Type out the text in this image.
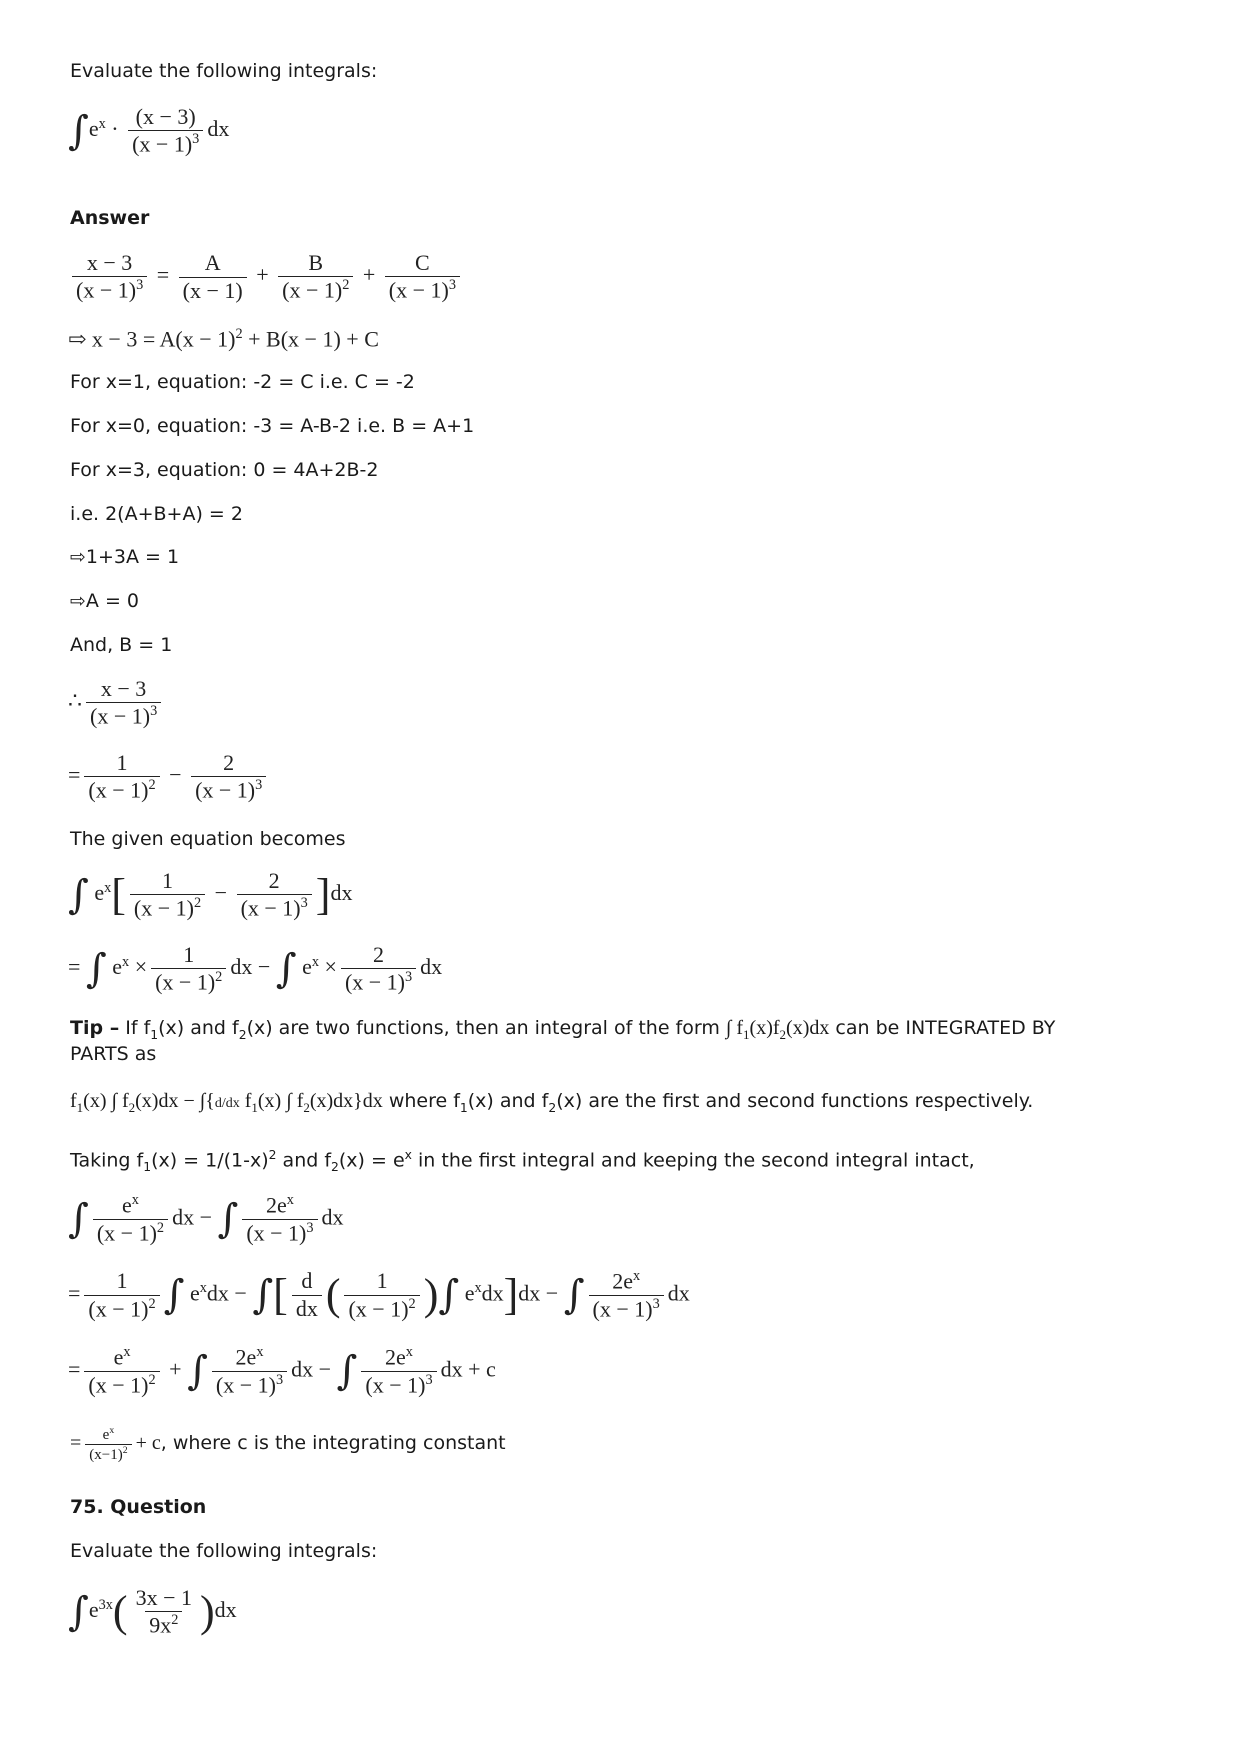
Evaluate the following integrals:
$\int e^x \cdot \frac{(x - 3)}{(x - 1)^3}$ dx
Answer
$\frac{x - 3}{(x - 1)^3} = \frac{A}{(x - 1)} + \frac{B}{(x - 1)^2} + \frac{C}{(x - 1)^3}$
⇨ $x - 3 = A(x - 1)^2 + B(x - 1) + C$
For x=1, equation: -2 = C i.e. C = -2
For x=0, equation: -3 = A-B-2 i.e. B = A+1
For x=3, equation: 0 = 4A+2B-2
i.e. 2(A+B+A) = 2
⇨1+3A = 1
⇨A = 0
And, B = 1
∴ $\frac{x - 3}{(x - 1)^3}$
= $\frac{1}{(x - 1)^2} - \frac{2}{(x - 1)^3}$
The given equation becomes
∫ $e^x[ \frac{1}{(x - 1)^2} - \frac{2}{(x - 1)^3} ]dx$
= ∫ $e^x \times \frac{1}{(x - 1)^2}$ dx − ∫ $e^x \times \frac{2}{(x - 1)^3}$ dx
Tip – If $f_1(x)$ and $f_2(x)$ are two functions, then an integral of the form ∫ $f_1(x)f_2(x)dx$ can be INTEGRATED BY
PARTS as
$f_1(x)$ ∫ $f_2(x)dx - \int\{d/dx$ $f_1(x)$ ∫ $f_2(x)dx\}dx$ where $f_1(x)$ and $f_2(x)$ are the first and second functions respectively.
Taking $f_1(x) = 1/(1-x)^2$ and $f_2(x) = e^x$ in the first integral and keeping the second integral intact,
∫ $\frac{e^x}{(x - 1)^2}$ dx − ∫ $\frac{2e^x}{(x - 1)^3}$ dx
= $\frac{1}{(x - 1)^2}$ ∫ $e^xdx$ − ∫[ $\frac{d}{dx}$ ( $\frac{1}{(x - 1)^2}$ )∫ $e^xdx]dx$ − ∫ $\frac{2e^x}{(x - 1)^3}$ dx
= $\frac{e^x}{(x - 1)^2}$ + ∫ $\frac{2e^x}{(x - 1)^3}$ dx − ∫ $\frac{2e^x}{(x - 1)^3}$ dx + c
= $\frac{e^x}{(x-1)^2} + c$, where c is the integrating constant
75. Question
Evaluate the following integrals:
$\int e^{3x}( \frac{3x - 1}{9x^2} )dx$
